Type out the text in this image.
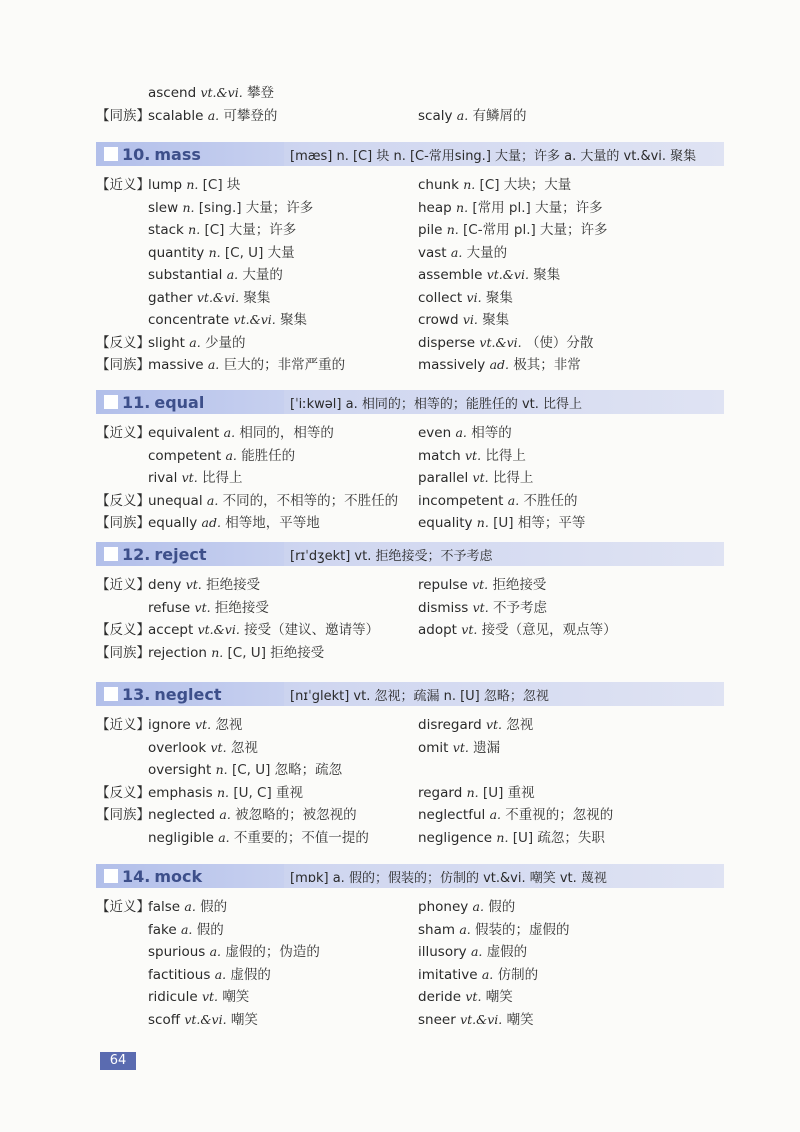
ascend vt.&vi. 攀登
【同族】
scalable a. 可攀登的	scaly a. 有鳞屑的
10. mass	[mæs] n. [C] 块 n. [C-常用sing.] 大量；许多 a. 大量的 vt.&vi. 聚集
【近义】
lump n. [C] 块	chunk n. [C] 大块；大量
slew n. [sing.] 大量；许多	heap n. [常用 pl.] 大量；许多
stack n. [C] 大量；许多	pile n. [C-常用 pl.] 大量；许多
quantity n. [C, U] 大量	vast a. 大量的
substantial a. 大量的	assemble vt.&vi. 聚集
gather vt.&vi. 聚集	collect vi. 聚集
concentrate vt.&vi. 聚集	crowd vi. 聚集
【反义】
slight a. 少量的	disperse vt.&vi. （使）分散
【同族】
massive a. 巨大的；非常严重的	massively ad. 极其；非常
11. equal	[ˈiːkwəl] a. 相同的；相等的；能胜任的 vt. 比得上
【近义】
equivalent a. 相同的，相等的	even a. 相等的
competent a. 能胜任的	match vt. 比得上
rival vt. 比得上	parallel vt. 比得上
【反义】
unequal a. 不同的，不相等的；不胜任的	incompetent a. 不胜任的
【同族】
equally ad. 相等地，平等地	equality n. [U] 相等；平等
12. reject	[rɪˈdʒekt] vt. 拒绝接受；不予考虑
【近义】
deny vt. 拒绝接受	repulse vt. 拒绝接受
refuse vt. 拒绝接受	dismiss vt. 不予考虑
【反义】
accept vt.&vi. 接受（建议、邀请等）	adopt vt. 接受（意见，观点等）
【同族】
rejection n. [C, U] 拒绝接受
13. neglect	[nɪˈglekt] vt. 忽视；疏漏 n. [U] 忽略；忽视
【近义】
ignore vt. 忽视	disregard vt. 忽视
overlook vt. 忽视	omit vt. 遗漏
oversight n. [C, U] 忽略；疏忽
【反义】
emphasis n. [U, C] 重视	regard n. [U] 重视
【同族】
neglected a. 被忽略的；被忽视的	neglectful a. 不重视的；忽视的
negligible a. 不重要的；不值一提的	negligence n. [U] 疏忽；失职
14. mock	[mɒk] a. 假的；假装的；仿制的 vt.&vi. 嘲笑 vt. 蔑视
【近义】
false a. 假的	phoney a. 假的
fake a. 假的	sham a. 假装的；虚假的
spurious a. 虚假的；伪造的	illusory a. 虚假的
factitious a. 虚假的	imitative a. 仿制的
ridicule vt. 嘲笑	deride vt. 嘲笑
scoff vt.&vi. 嘲笑	sneer vt.&vi. 嘲笑
64
